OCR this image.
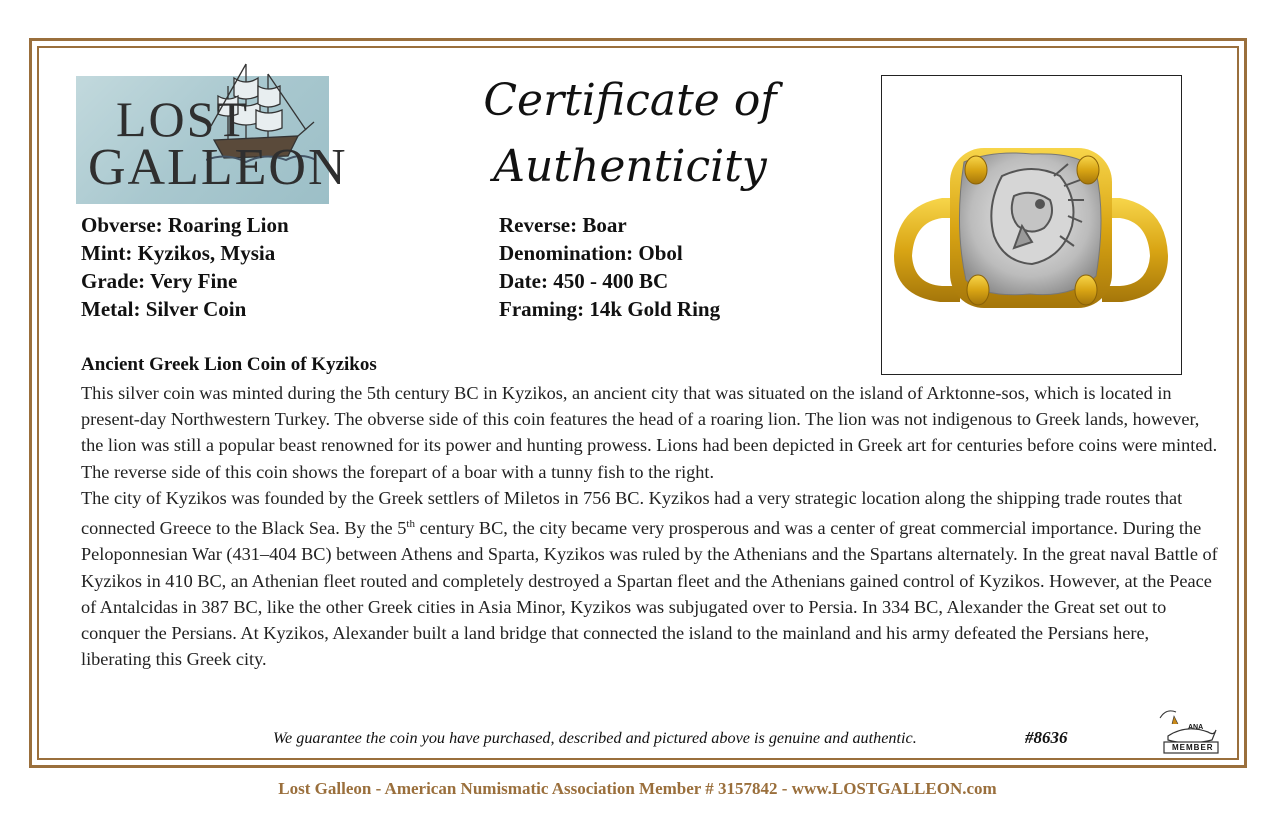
LOST
GALLEON
Certificate of
Authenticity
Obverse: Roaring Lion
Mint: Kyzikos, Mysia
Grade: Very Fine
Metal: Silver Coin
Reverse: Boar
Denomination: Obol
Date: 450 - 400 BC
Framing: 14k Gold Ring
Ancient Greek Lion Coin of Kyzikos

This silver coin was minted during the 5th century BC in Kyzikos, an ancient city that was situated on the island of Arktonne-sos, which is located in present-day Northwestern Turkey. The obverse side of this coin features the head of a roaring lion. The lion was not indigenous to Greek lands, however, the lion was still a popular beast renowned for its power and hunting prowess. Lions had been depicted in Greek art for centuries before coins were minted. The reverse side of this coin shows the forepart of a boar with a tunny fish to the right.

The city of Kyzikos was founded by the Greek settlers of Miletos in 756 BC. Kyzikos had a very strategic location along the shipping trade routes that connected Greece to the Black Sea. By the 5th century BC, the city became very prosperous and was a center of great commercial importance. During the Peloponnesian War (431–404 BC) between Athens and Sparta, Kyzikos was ruled by the Athenians and the Spartans alternately. In the great naval Battle of Kyzikos in 410 BC, an Athenian fleet routed and completely destroyed a Spartan fleet and the Athenians gained control of Kyzikos. However, at the Peace of Antalcidas in 387 BC, like the other Greek cities in Asia Minor, Kyzikos was subjugated over to Persia. In 334 BC, Alexander the Great set out to conquer the Persians. At Kyzikos, Alexander built a land bridge that connected the island to the mainland and his army defeated the Persians here, liberating this Greek city.

We guarantee the coin you have purchased, described and pictured above is genuine and authentic.	#8636
ANA
MEMBER
Lost Galleon - American Numismatic Association Member # 3157842 - www.LOSTGALLEON.com
